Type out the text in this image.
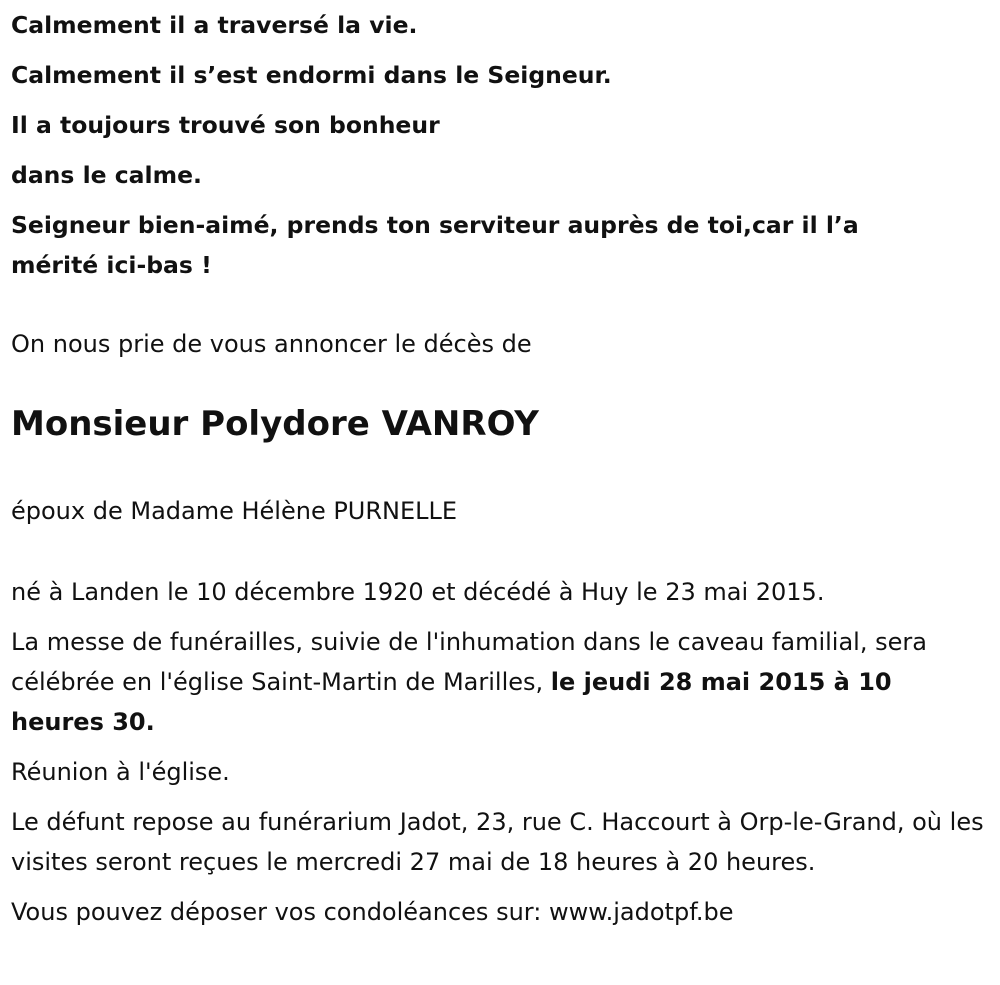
Calmement il a traversé la vie.

Calmement il s’est endormi dans le Seigneur.

Il a toujours trouvé son bonheur

dans le calme.

Seigneur bien-aimé, prends ton serviteur auprès de toi,car il l’a mérité ici-bas !

On nous prie de vous annoncer le décès de

Monsieur Polydore VANROY

époux de Madame Hélène PURNELLE

né à Landen le 10 décembre 1920 et décédé à Huy le 23 mai 2015.

La messe de funérailles, suivie de l'inhumation dans le caveau familial, sera célébrée en l'église Saint-Martin de Marilles, le jeudi 28 mai 2015 à 10 heures 30.

Réunion à l'église.

Le défunt repose au funérarium Jadot, 23, rue C. Haccourt à Orp-le-Grand, où les visites seront reçues le mercredi 27 mai de 18 heures à 20 heures.

Vous pouvez déposer vos condoléances sur: www.jadotpf.be
